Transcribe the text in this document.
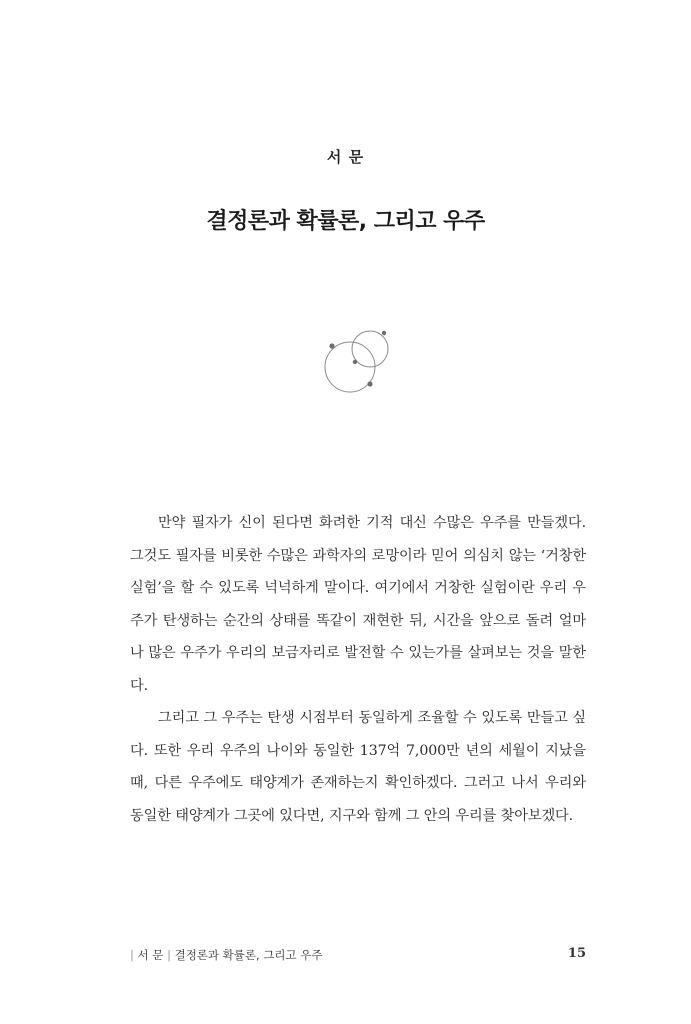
서 문
결정론과 확률론, 그리고 우주

만약 필자가 신이 된다면 화려한 기적 대신 수많은 우주를 만들겠다. 그것도 필자를 비롯한 수많은 과학자의 로망이라 믿어 의심치 않는 ‘거창한 실험’을 할 수 있도록 넉넉하게 말이다. 여기에서 거창한 실험이란 우리 우주가 탄생하는 순간의 상태를 똑같이 재현한 뒤, 시간을 앞으로 돌려 얼마나 많은 우주가 우리의 보금자리로 발전할 수 있는가를 살펴보는 것을 말한다.

그리고 그 우주는 탄생 시점부터 동일하게 조율할 수 있도록 만들고 싶다. 또한 우리 우주의 나이와 동일한 137억 7,000만 년의 세월이 지났을 때, 다른 우주에도 태양계가 존재하는지 확인하겠다. 그러고 나서 우리와 동일한 태양계가 그곳에 있다면, 지구와 함께 그 안의 우리를 찾아보겠다.

| 서 문 | 결정론과 확률론, 그리고 우주	15
